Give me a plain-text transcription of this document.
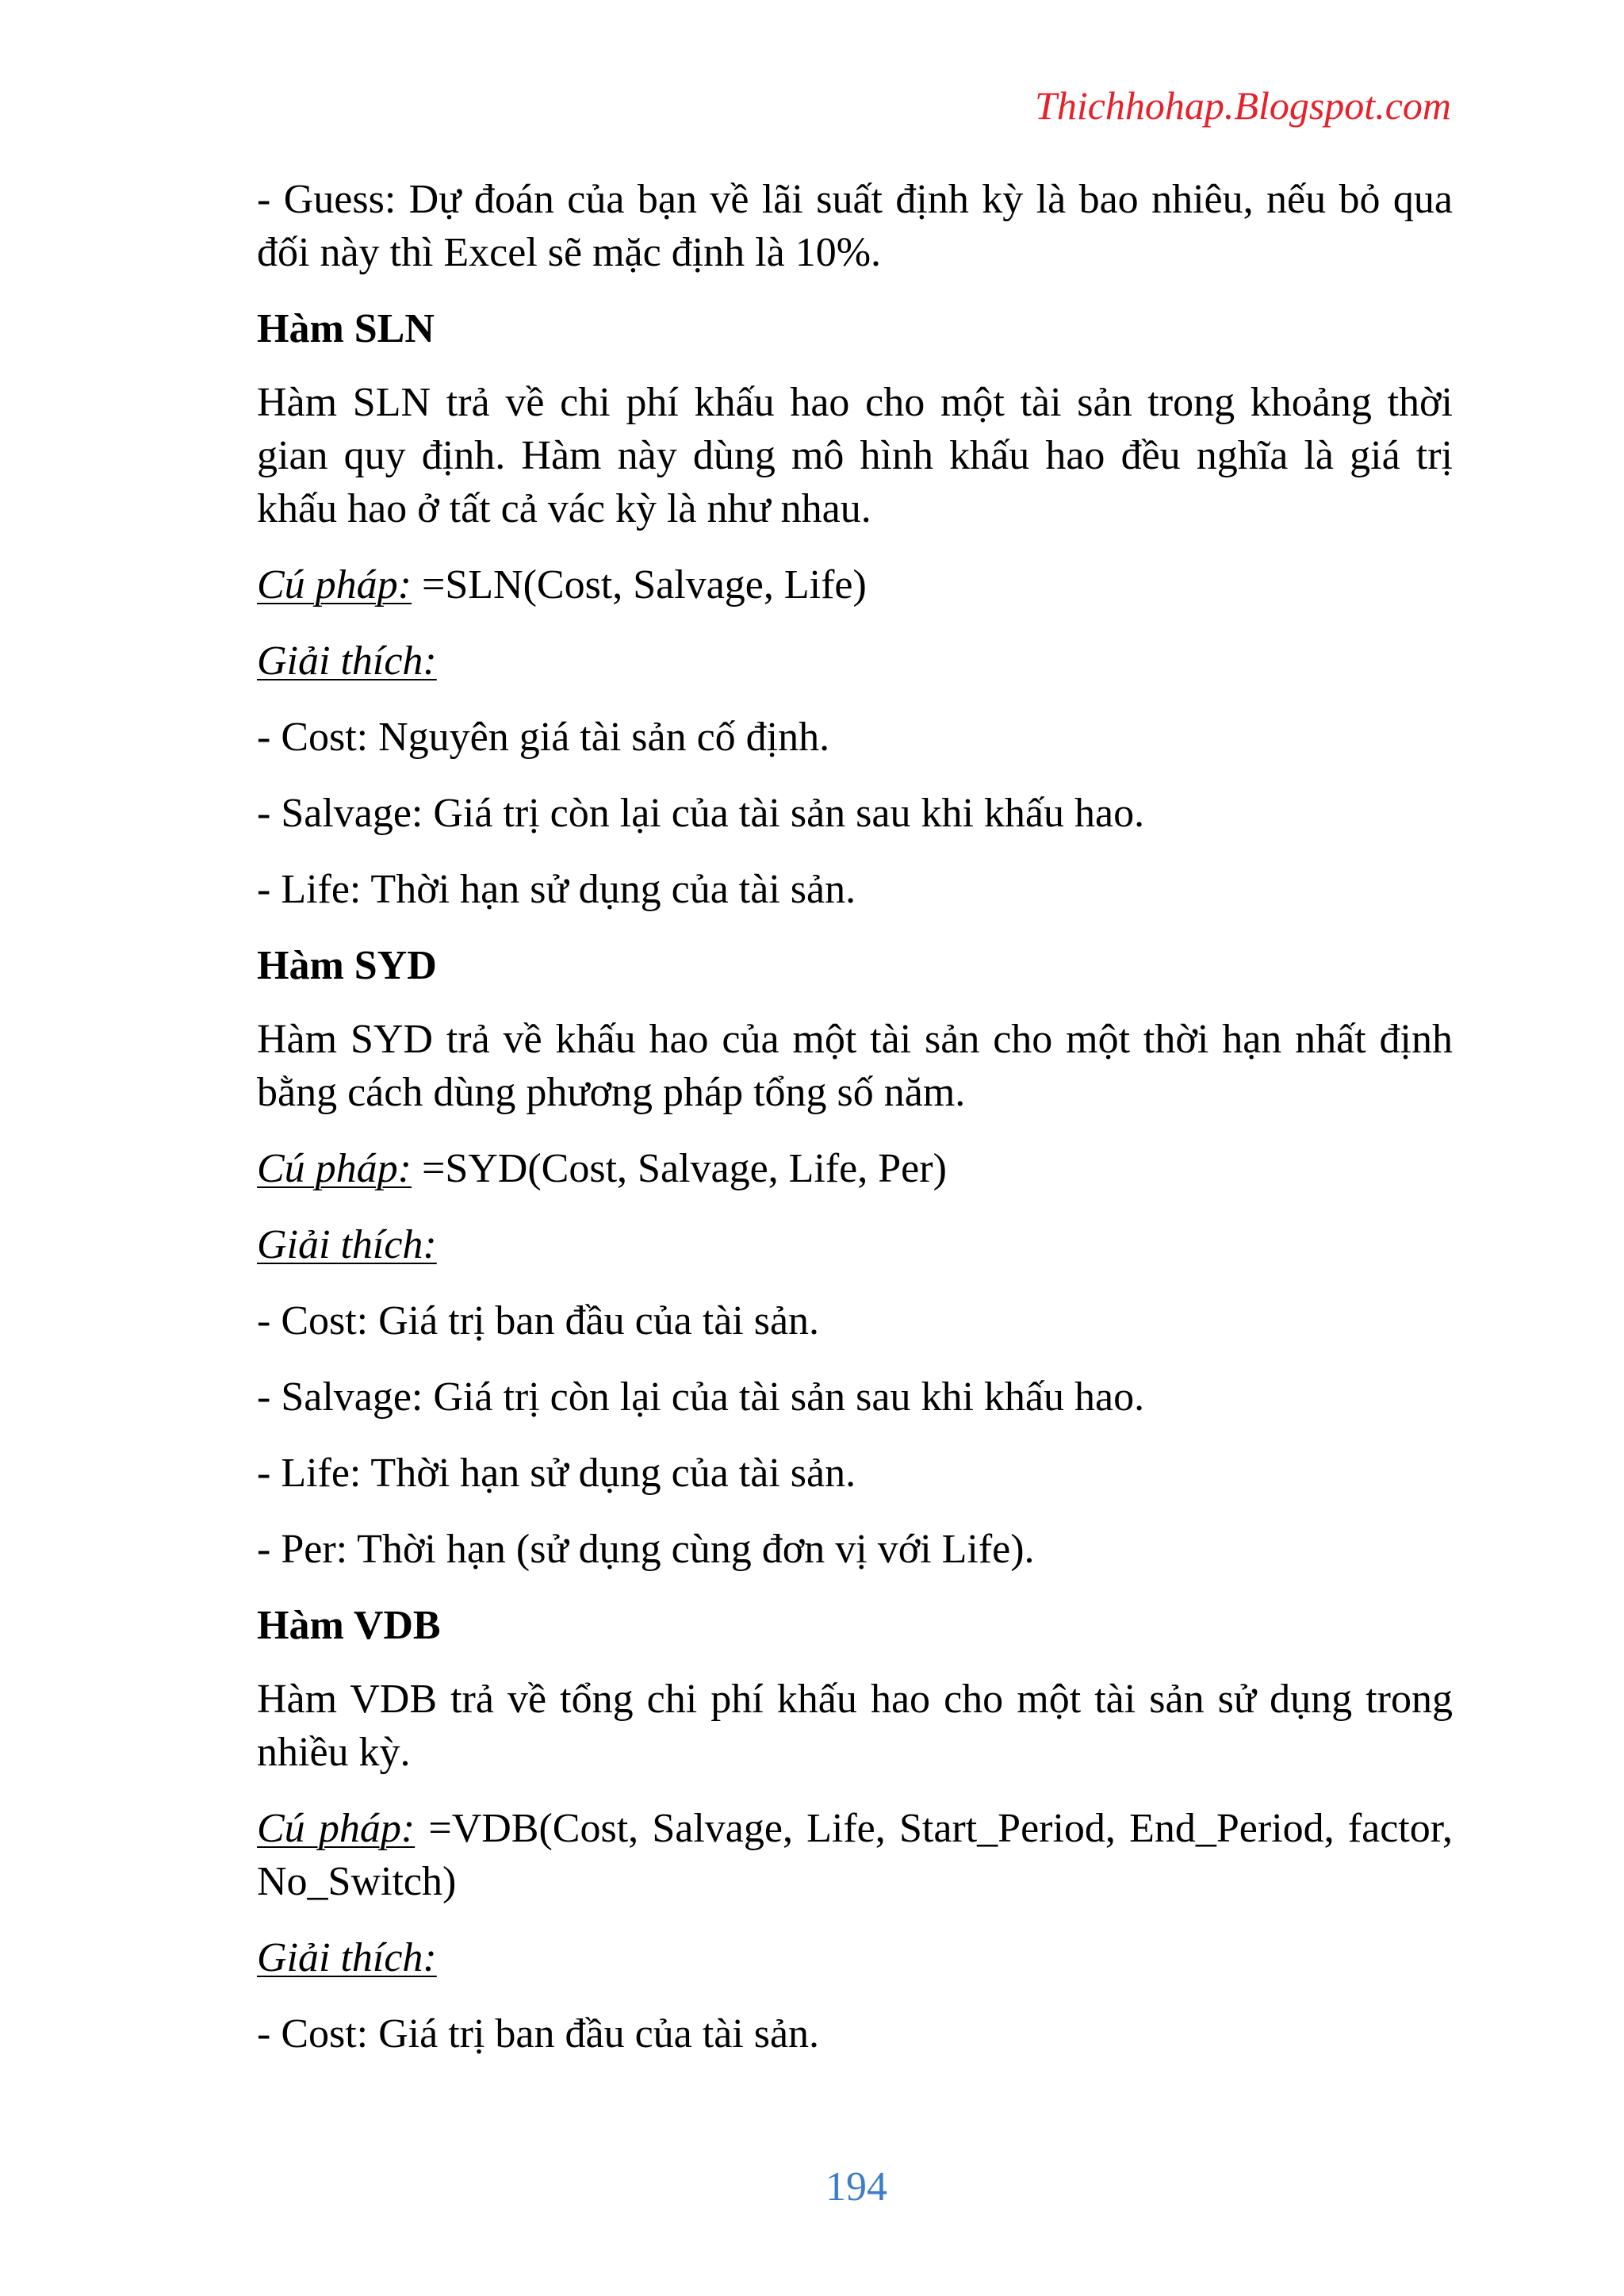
Thichhohap.Blogspot.com

- Guess: Dự đoán của bạn về lãi suất định kỳ là bao nhiêu, nếu bỏ qua đối này thì Excel sẽ mặc định là 10%.

Hàm SLN

Hàm SLN trả về chi phí khấu hao cho một tài sản trong khoảng thời gian quy định. Hàm này dùng mô hình khấu hao đều nghĩa là giá trị khấu hao ở tất cả vác kỳ là như nhau.

Cú pháp: =SLN(Cost, Salvage, Life)

Giải thích:

- Cost: Nguyên giá tài sản cố định.

- Salvage: Giá trị còn lại của tài sản sau khi khấu hao.

- Life: Thời hạn sử dụng của tài sản.

Hàm SYD

Hàm SYD trả về khấu hao của một tài sản cho một thời hạn nhất định bằng cách dùng phương pháp tổng số năm.

Cú pháp: =SYD(Cost, Salvage, Life, Per)

Giải thích:

- Cost: Giá trị ban đầu của tài sản.

- Salvage: Giá trị còn lại của tài sản sau khi khấu hao.

- Life: Thời hạn sử dụng của tài sản.

- Per: Thời hạn (sử dụng cùng đơn vị với Life).

Hàm VDB

Hàm VDB trả về tổng chi phí khấu hao cho một tài sản sử dụng trong nhiều kỳ.

Cú pháp: =VDB(Cost, Salvage, Life, Start_Period, End_Period, factor, No_Switch)

Giải thích:

- Cost: Giá trị ban đầu của tài sản.

194
